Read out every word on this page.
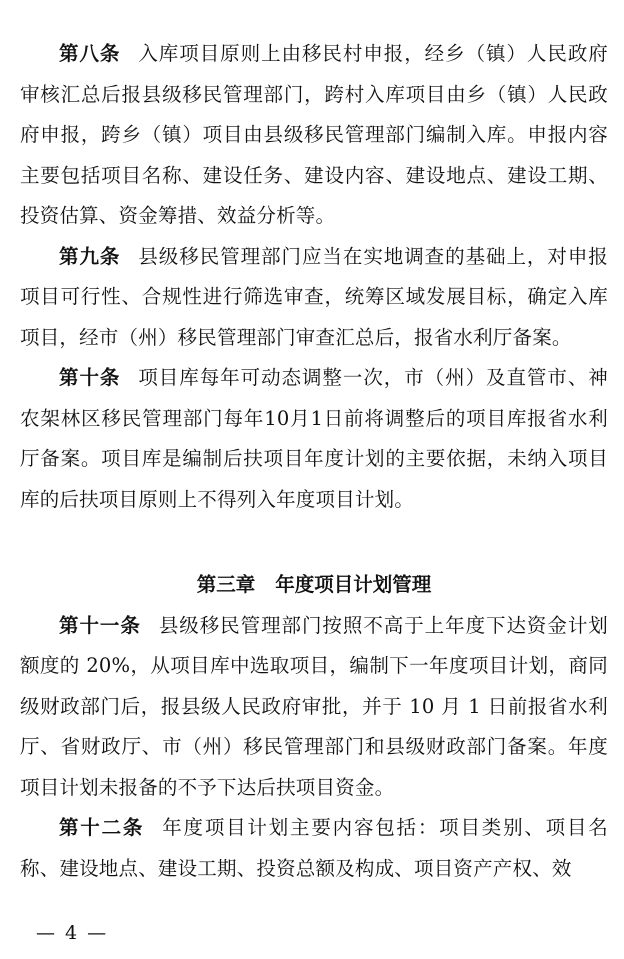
第八条 入库项目原则上由移民村申报，经乡（镇）人民政府审核汇总后报县级移民管理部门，跨村入库项目由乡（镇）人民政府申报，跨乡（镇）项目由县级移民管理部门编制入库。申报内容主要包括项目名称、建设任务、建设内容、建设地点、建设工期、投资估算、资金筹措、效益分析等。

第九条 县级移民管理部门应当在实地调查的基础上，对申报项目可行性、合规性进行筛选审查，统筹区域发展目标，确定入库项目，经市（州）移民管理部门审查汇总后，报省水利厅备案。

第十条 项目库每年可动态调整一次，市（州）及直管市、神农架林区移民管理部门每年10月1日前将调整后的项目库报省水利厅备案。项目库是编制后扶项目年度计划的主要依据，未纳入项目库的后扶项目原则上不得列入年度项目计划。

第三章 年度项目计划管理

第十一条 县级移民管理部门按照不高于上年度下达资金计划额度的 20%，从项目库中选取项目，编制下一年度项目计划，商同级财政部门后，报县级人民政府审批，并于 10 月 1 日前报省水利厅、省财政厅、市（州）移民管理部门和县级财政部门备案。年度项目计划未报备的不予下达后扶项目资金。

第十二条 年度项目计划主要内容包括：项目类别、项目名称、建设地点、建设工期、投资总额及构成、项目资产产权、效

— 4 —
